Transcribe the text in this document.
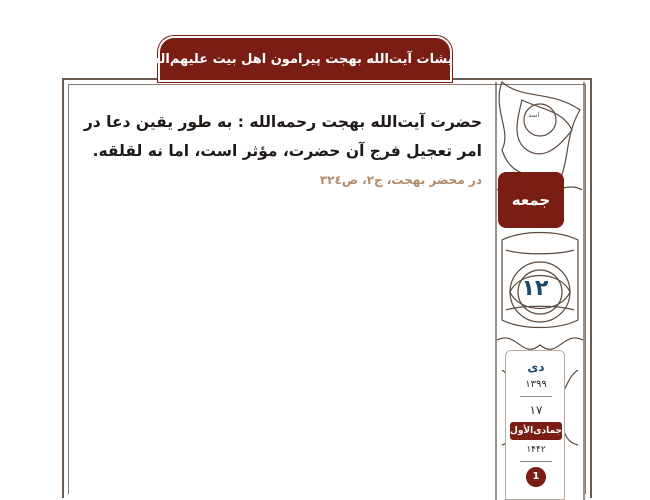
فرمایشات آیت‌الله بهجت پیرامون اهل بیت عليهم‌السلام
حضرت آیت‌الله بهجت رحمه‌الله : به طور یقین دعا در امر تعجیل فرج آن حضرت، مؤثر است، اما نه لقلقه.
در محضر بهجت، ج۲، ص۳۲٤
اسد
جمعه
۱۲
دی
۱۳۹۹
۱۷
جمادی‌الأول
۱۴۴۲
1
